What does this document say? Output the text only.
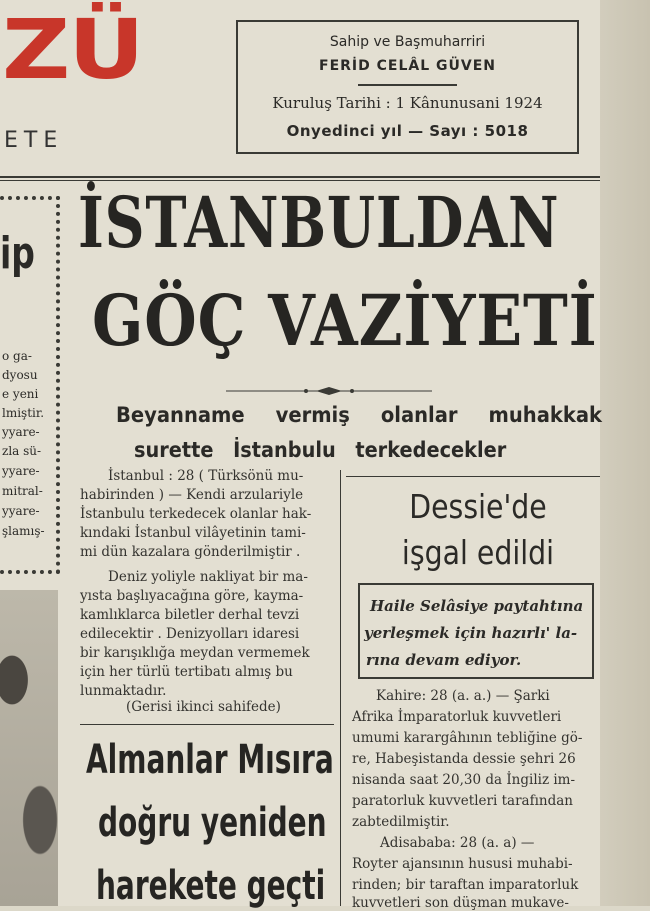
ZÜ
ETE
Sahip ve Başmuharriri
FERİD CELÂL GÜVEN
Kuruluş Tarihi : 1 Kânunusani 1924
Onyedinci yıl — Sayı : 5018
ip
o ga-
dyosu
e yeni
lmiştir.
yyare-
zla sü-
yyare-
mitral-
yyare-
şlamış-
İSTANBULDAN
GÖÇ VAZİYETİ
Beyanname vermiş olanlar muhakkak
surette İstanbulu terkedecekler
İstanbul : 28 ( Türksönü mu-
habirinden ) — Kendi arzulariyle
İstanbulu terkedecek olanlar hak-
kındaki İstanbul vilâyetinin tami-
mi dün kazalara gönderilmiştir .
Deniz yoliyle nakliyat bir ma-
yısta başlıyacağına göre, kayma-
kamlıklarca biletler derhal tevzi
edilecektir . Denizyolları idaresi
bir karışıklığa meydan vermemek
için her türlü tertibatı almış bu
lunmaktadır.
(Gerisi ikinci sahifede)
Almanlar Mısıra
doğru yeniden
harekete geçti
Dessie'de
işgal edildi
Haile Selâsiye paytahtına
yerleşmek için hazırlı' la-
rına devam ediyor.
Kahire: 28 (a. a.) — Şarki
Afrika İmparatorluk kuvvetleri
umumi karargâhının tebliğine gö-
re, Habeşistanda dessie şehri 26
nisanda saat 20,30 da İngiliz im-
paratorluk kuvvetleri tarafından
zabtedilmiştir.
Adisababa: 28 (a. a) —
Royter ajansının hususi muhabi-
rinden; bir taraftan imparatorluk
kuvvetleri son düşman mukave-
